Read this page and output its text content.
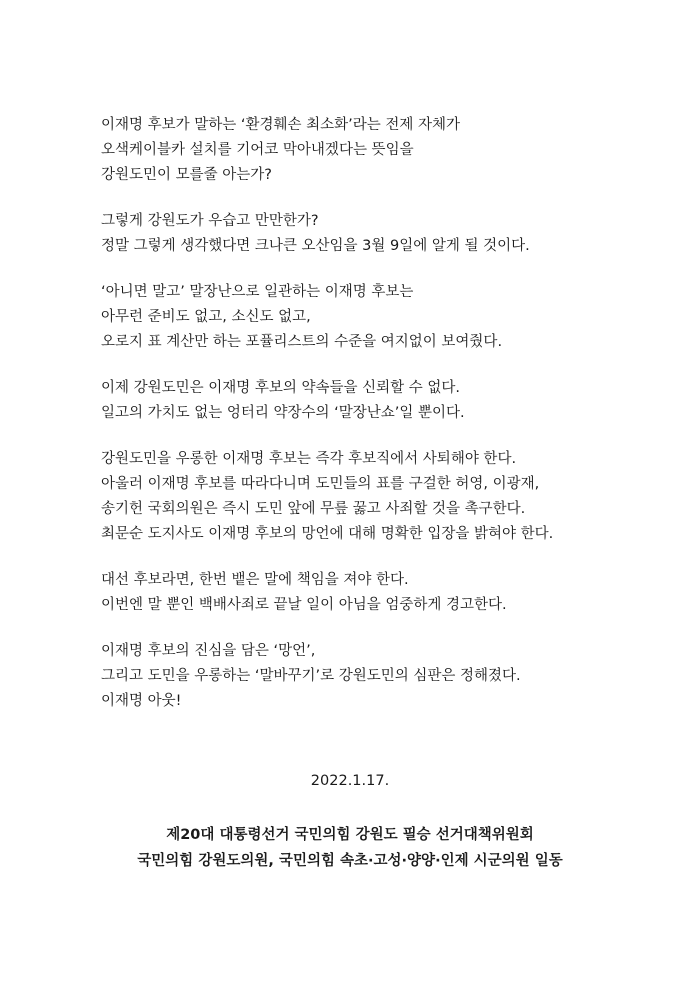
이재명 후보가 말하는 ‘환경훼손 최소화’라는 전제 자체가
오색케이블카 설치를 기어코 막아내겠다는 뜻임을
강원도민이 모를줄 아는가?
그렇게 강원도가 우습고 만만한가?
정말 그렇게 생각했다면 크나큰 오산임을 3월 9일에 알게 될 것이다.
‘아니면 말고’ 말장난으로 일관하는 이재명 후보는
아무런 준비도 없고, 소신도 없고,
오로지 표 계산만 하는 포퓰리스트의 수준을 여지없이 보여줬다.
이제 강원도민은 이재명 후보의 약속들을 신뢰할 수 없다.
일고의 가치도 없는 엉터리 약장수의 ‘말장난쇼’일 뿐이다.
강원도민을 우롱한 이재명 후보는 즉각 후보직에서 사퇴해야 한다.
아울러 이재명 후보를 따라다니며 도민들의 표를 구걸한 허영, 이광재,
송기헌 국회의원은 즉시 도민 앞에 무릎 꿇고 사죄할 것을 촉구한다.
최문순 도지사도 이재명 후보의 망언에 대해 명확한 입장을 밝혀야 한다.
대선 후보라면, 한번 뱉은 말에 책임을 져야 한다.
이번엔 말 뿐인 백배사죄로 끝날 일이 아님을 엄중하게 경고한다.
이재명 후보의 진심을 담은 ‘망언’,
그리고 도민을 우롱하는 ‘말바꾸기’로 강원도민의 심판은 정해졌다.
이재명 아웃!
2022.1.17.
제20대 대통령선거 국민의힘 강원도 필승 선거대책위원회
국민의힘 강원도의원, 국민의힘 속초·고성·양양·인제 시군의원 일동
